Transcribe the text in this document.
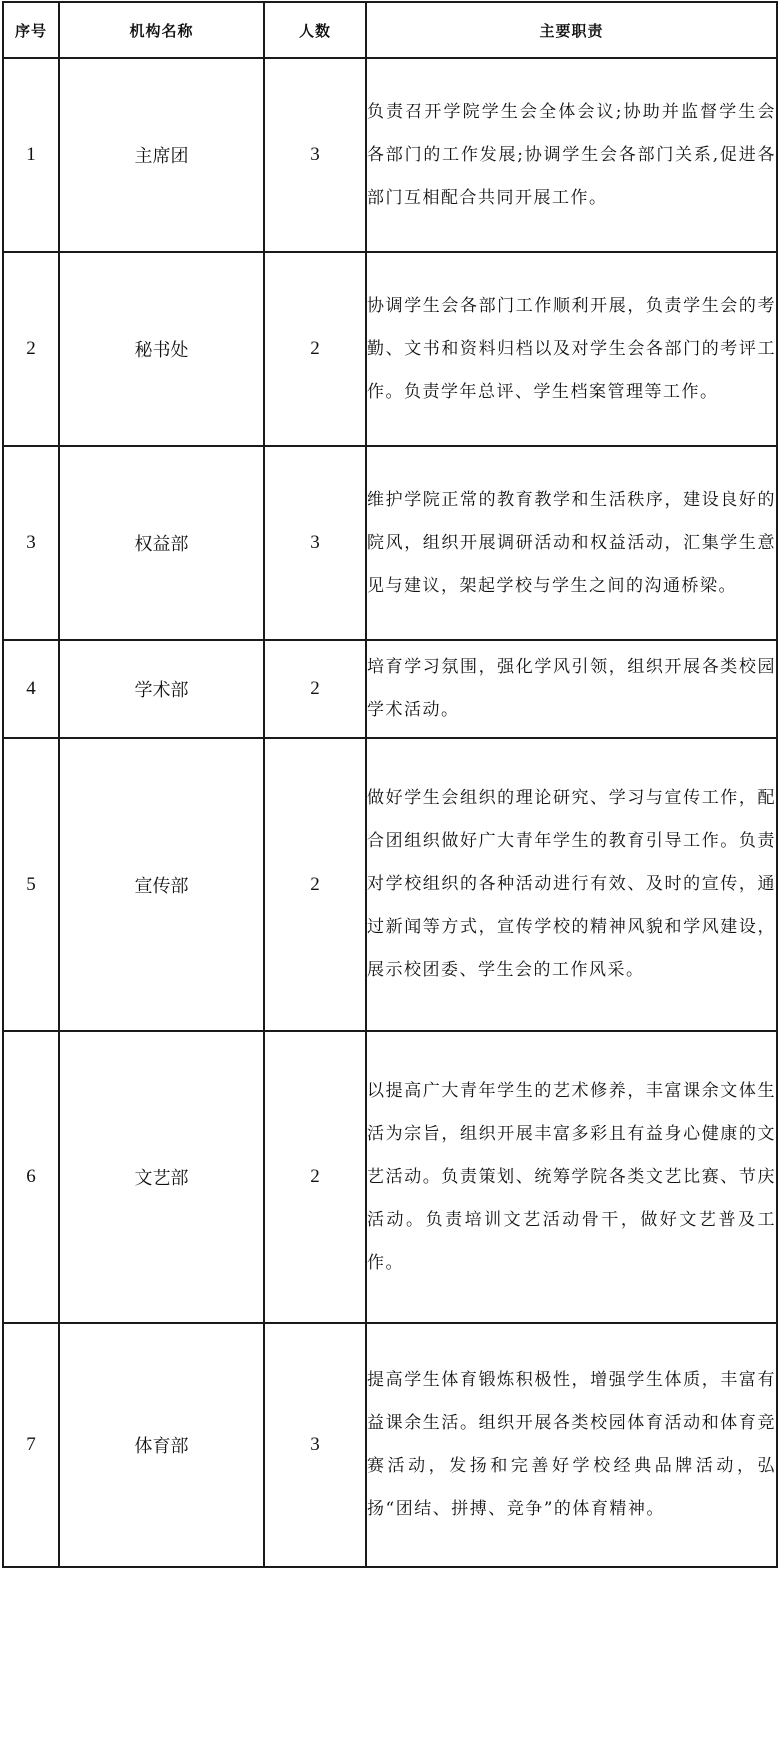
序号	机构名称	人数	主要职责
1	主席团	3	负责召开学院学生会全体会议;协助并监督学生会各部门的工作发展;协调学生会各部门关系,促进各部门互相配合共同开展工作。
2	秘书处	2	协调学生会各部门工作顺利开展，负责学生会的考勤、文书和资料归档以及对学生会各部门的考评工作。负责学年总评、学生档案管理等工作。
3	权益部	3	维护学院正常的教育教学和生活秩序，建设良好的院风，组织开展调研活动和权益活动，汇集学生意见与建议，架起学校与学生之间的沟通桥梁。
4	学术部	2	培育学习氛围，强化学风引领，组织开展各类校园学术活动。
5	宣传部	2	做好学生会组织的理论研究、学习与宣传工作，配合团组织做好广大青年学生的教育引导工作。负责对学校组织的各种活动进行有效、及时的宣传，通过新闻等方式，宣传学校的精神风貌和学风建设，展示校团委、学生会的工作风采。
6	文艺部	2	以提高广大青年学生的艺术修养，丰富课余文体生活为宗旨，组织开展丰富多彩且有益身心健康的文艺活动。负责策划、统筹学院各类文艺比赛、节庆活动。负责培训文艺活动骨干，做好文艺普及工作。
7	体育部	3	提高学生体育锻炼积极性，增强学生体质，丰富有益课余生活。组织开展各类校园体育活动和体育竞赛活动，发扬和完善好学校经典品牌活动，弘扬“团结、拼搏、竞争”的体育精神。
